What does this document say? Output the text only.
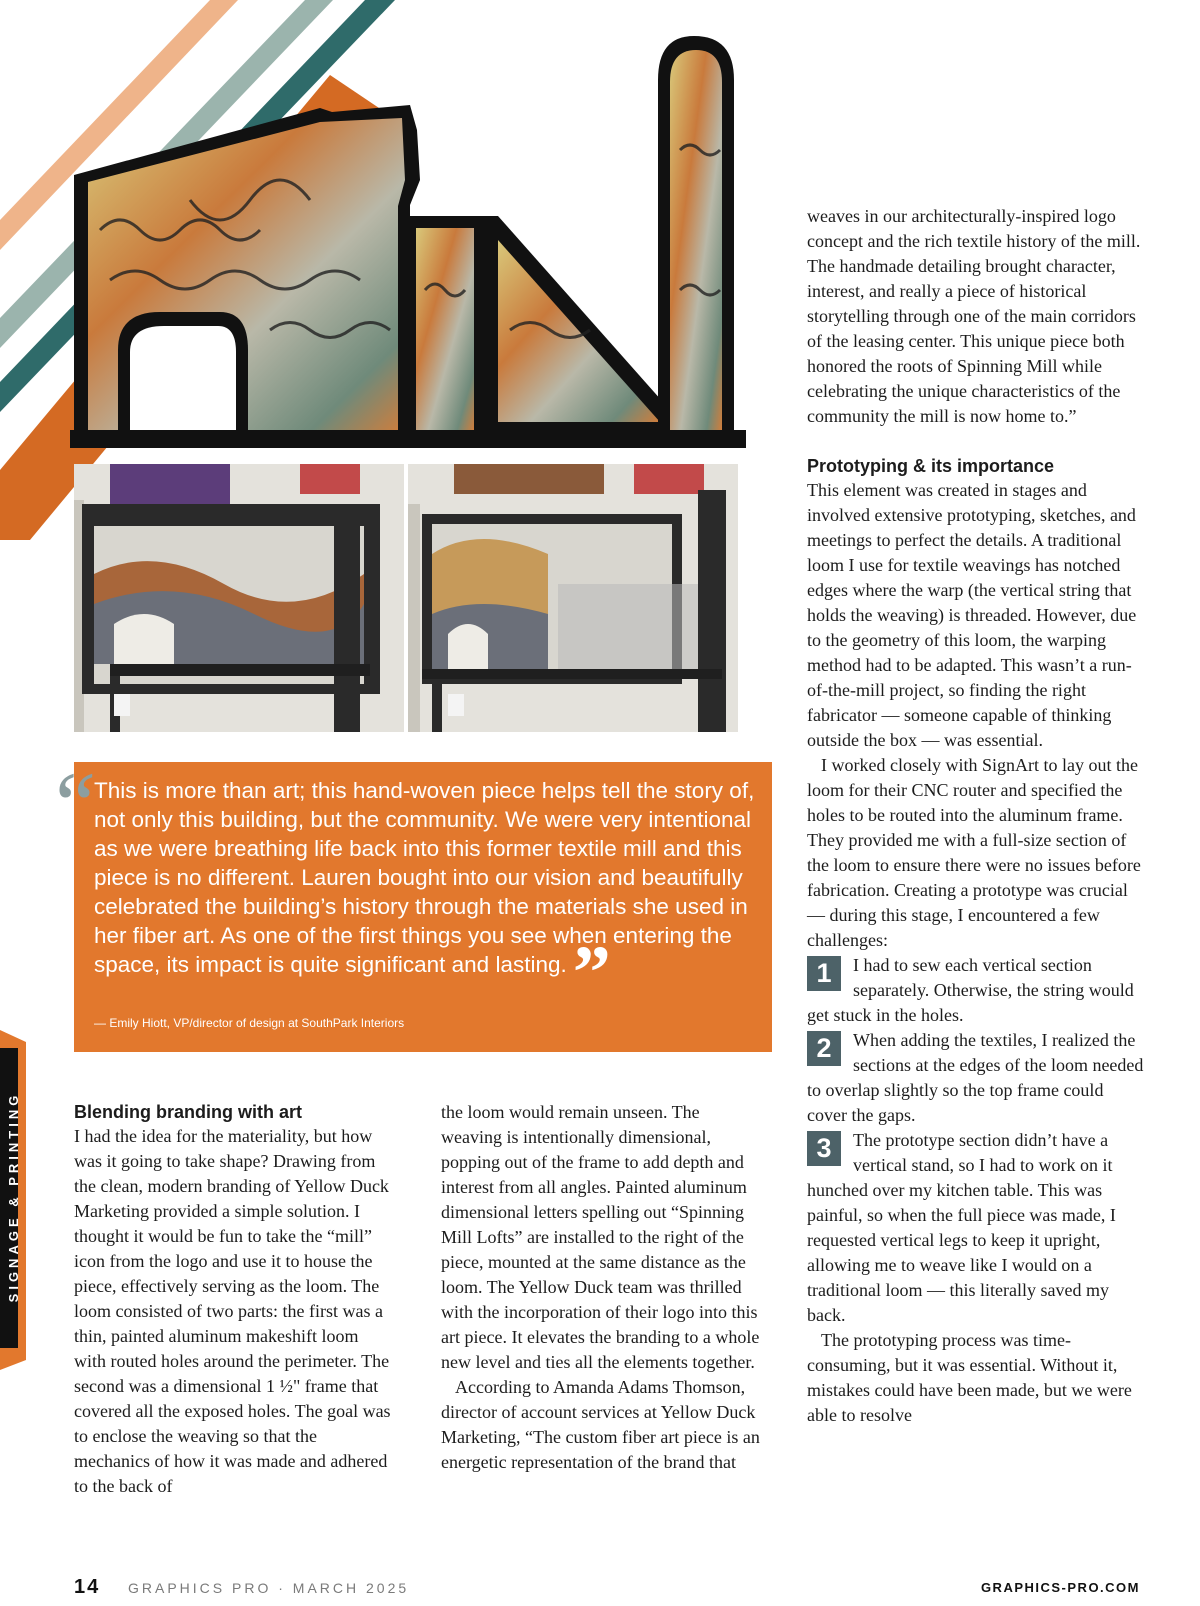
SIGNAGE & PRINTING
“

This is more than art; this hand-woven piece helps tell the story of, not only this building, but the community. We were very intentional as we were breathing life back into this former textile mill and this piece is no different. Lauren bought into our vision and beautifully celebrated the building’s history through the materials she used in her fiber art. As one of the first things you see when entering the space, its impact is quite significant and lasting.”

— Emily Hiott, VP/director of design at SouthPark Interiors
Blending branding with art

I had the idea for the materiality, but how was it going to take shape? Drawing from the clean, modern branding of Yellow Duck Marketing provided a simple solution. I thought it would be fun to take the “mill” icon from the logo and use it to house the piece, effectively serving as the loom. The loom consisted of two parts: the first was a thin, painted aluminum makeshift loom with routed holes around the perimeter. The second was a dimensional 1 ½" frame that covered all the exposed holes. The goal was to enclose the weaving so that the mechanics of how it was made and adhered to the back of

the loom would remain unseen. The weaving is intentionally dimensional, popping out of the frame to add depth and interest from all angles. Painted aluminum dimensional letters spelling out “Spinning Mill Lofts” are installed to the right of the piece, mounted at the same distance as the loom. The Yellow Duck team was thrilled with the incorporation of their logo into this art piece. It elevates the branding to a whole new level and ties all the elements together.

According to Amanda Adams Thomson, director of account services at Yellow Duck Marketing, “The custom fiber art piece is an energetic representation of the brand that

weaves in our architecturally-inspired logo concept and the rich textile history of the mill. The handmade detailing brought character, interest, and really a piece of historical storytelling through one of the main corridors of the leasing center. This unique piece both honored the roots of Spinning Mill while celebrating the unique characteristics of the community the mill is now home to.”

Prototyping & its importance

This element was created in stages and involved extensive prototyping, sketches, and meetings to perfect the details. A traditional loom I use for textile weavings has notched edges where the warp (the vertical string that holds the weaving) is threaded. However, due to the geometry of this loom, the warping method had to be adapted. This wasn’t a run-of-the-mill project, so finding the right fabricator — someone capable of thinking outside the box — was essential.

I worked closely with SignArt to lay out the loom for their CNC router and specified the holes to be routed into the aluminum frame. They provided me with a full-size section of the loom to ensure there were no issues before fabrication. Creating a prototype was crucial — during this stage, I encountered a few challenges:

1	I had to sew each vertical section separately. Otherwise, the string would get stuck in the holes.

2	When adding the textiles, I realized the sections at the edges of the loom needed to overlap slightly so the top frame could cover the gaps.

3	The prototype section didn’t have a vertical stand, so I had to work on it hunched over my kitchen table. This was painful, so when the full piece was made, I requested vertical legs to keep it upright, allowing me to weave like I would on a traditional loom — this literally saved my back.

The prototyping process was time-consuming, but it was essential. Without it, mistakes could have been made, but we were able to resolve

14 GRAPHICS PRO · MARCH 2025	GRAPHICS-PRO.COM
